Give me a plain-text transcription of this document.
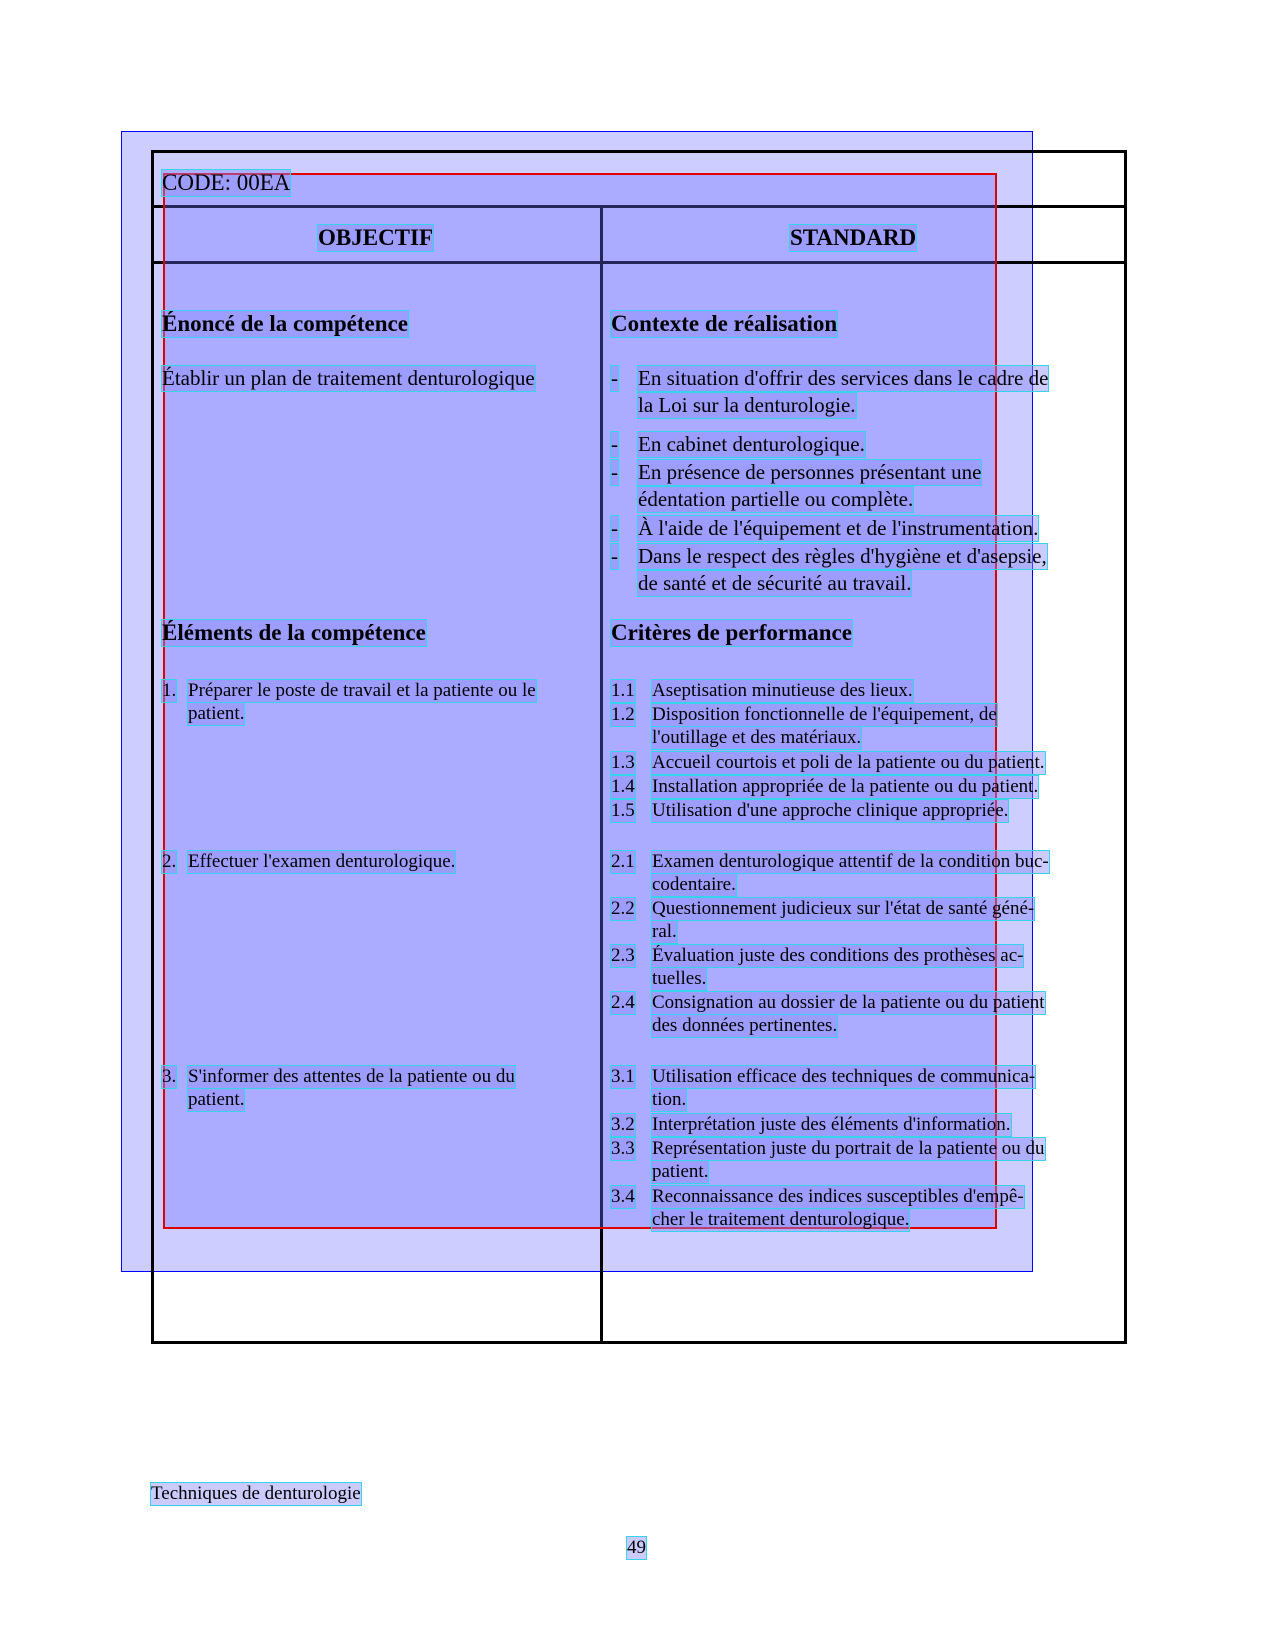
CODE: 00EA
OBJECTIF	STANDARD
Énoncé de la compétence
Établir un plan de traitement denturologique
Contexte de réalisation
- En situation d'offrir des services dans le cadre de
la Loi sur la denturologie.
- En cabinet denturologique.
- En présence de personnes présentant une
édentation partielle ou complète.
- À l'aide de l'équipement et de l'instrumentation.
- Dans le respect des règles d'hygiène et d'asepsie,
de santé et de sécurité au travail.
Éléments de la compétence	Critères de performance
1. Préparer le poste de travail et la patiente ou le
patient.
2. Effectuer l'examen denturologique.
3. S'informer des attentes de la patiente ou du
patient.
1.1 Aseptisation minutieuse des lieux.
1.2 Disposition fonctionnelle de l'équipement, de
l'outillage et des matériaux.
1.3 Accueil courtois et poli de la patiente ou du patient.
1.4 Installation appropriée de la patiente ou du patient.
1.5 Utilisation d'une approche clinique appropriée.
2.1 Examen denturologique attentif de la condition buc-
codentaire.
2.2 Questionnement judicieux sur l'état de santé géné-
ral.
2.3 Évaluation juste des conditions des prothèses ac-
tuelles.
2.4 Consignation au dossier de la patiente ou du patient
des données pertinentes.
3.1 Utilisation efficace des techniques de communica-
tion.
3.2 Interprétation juste des éléments d'information.
3.3 Représentation juste du portrait de la patiente ou du
patient.
3.4 Reconnaissance des indices susceptibles d'empê-
cher le traitement denturologique.
Techniques de denturologie
49
